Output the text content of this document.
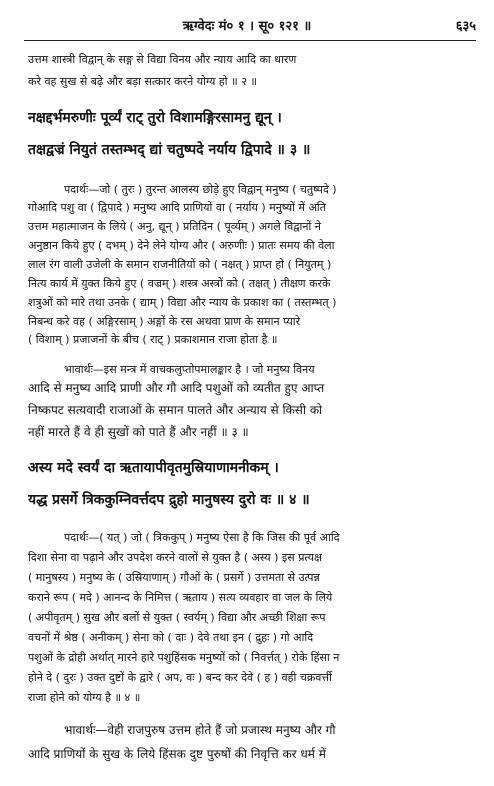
ऋग्वेदः मं० १ । सू० १२१ ॥	६३५
उत्तम शास्त्री विद्वान् के सङ्ग से विद्या विनय और न्याय आदि का धारण
करे वह सुख से बढ़े और बड़ा सत्कार करने योग्य हो ॥ २ ॥
नक्षद्दर्भमरुणीः पूर्व्यं राट् तुरो विशामङ्गिरसामनु द्यून् ।
तक्षद्वज्रं नियुतं तस्तम्भद् द्यां चतुष्पदे नर्याय द्विपादे ॥ ३ ॥
पदार्थः—जो ( तुरः ) तुरन्त आलस्य छोड़े हुए विद्वान् मनुष्य ( चतुष्पदे )
गोआदि पशु वा ( द्विपादे ) मनुष्य आदि प्राणियों वा ( नर्याय ) मनुष्यों में अति
उत्तम महात्माजन के लिये ( अनु, द्यून् ) प्रतिदिन ( पूर्व्यम् ) अगले विद्वानों ने
अनुष्ठान किये हुए ( दभम् ) देने लेने योग्य और ( अरुणीः ) प्रातः समय की वेला
लाल रंग वाली उजेली के समान राजनीतियों को ( नक्षत् ) प्राप्त हो ( नियुतम् )
नित्य कार्य में युक्त किये हुए ( वज्रम् ) शस्त्र अस्त्रों को ( तक्षत् ) तीक्षण करके
शत्रुओं को मारे तथा उनके ( द्याम् ) विद्या और न्याय के प्रकाश का ( तस्तम्भत् )
निबन्ध करे वह ( अङ्गिरसाम् ) अङ्गों के रस अथवा प्राण के समान प्यारे
( विशाम् ) प्रजाजनों के बीच ( राट् ) प्रकाशमान राजा होता है ॥
भावार्थः—इस मन्त्र में वाचकलुप्तोपमालङ्कार है । जो मनुष्य विनय
आदि से मनुष्य आदि प्राणी और गौ आदि पशुओं को व्यतीत हुए आप्त
निष्कपट सत्यवादी राजाओं के समान पालते और अन्याय से किसी को
नहीं मारते हैं वे ही सुखों को पाते हैं और नहीं ॥ ३ ॥
अस्य मदे स्वर्यं दा ऋतायापीवृतमुस्रियाणामनीकम् ।
यद्ध प्रसर्गे त्रिककुम्निवर्त्तदप द्रुहो मानुषस्य दुरो वः ॥ ४ ॥
पदार्थः—( यत् ) जो ( त्रिककुप् ) मनुष्य ऐसा है कि जिस की पूर्व आदि
दिशा सेना वा पढ़ाने और उपदेश करने वालों से युक्त है ( अस्य ) इस प्रत्यक्ष
( मानुषस्य ) मनुष्य के ( उस्रियाणाम् ) गौओं के ( प्रसर्गे ) उत्तमता से उत्पन्न
कराने रूप ( मदे ) आनन्द के निमित्त ( ऋताय ) सत्य व्यवहार वा जल के लिये
( अपीवृतम् ) सुख और बलों से युक्त ( स्वर्यम् ) विद्या और अच्छी शिक्षा रूप
वचनों में श्रेष्ठ ( अनीकम् ) सेना को ( दाः ) देवे तथा इन ( द्रुहः ) गो आदि
पशुओं के द्रोही अर्थात् मारने हारे पशुहिंसक मनुष्यों को ( निवर्त्तत् ) रोके हिंसा न
होने दे ( दुरः ) उक्त दुष्टों के द्वारे ( अप, वः ) बन्द कर देवे ( ह ) वही चक्रवर्त्ती
राजा होने को योग्य है ॥ ४ ॥
भावार्थः—वेही राजपुरुष उत्तम होते हैं जो प्रजास्थ मनुष्य और गौ
आदि प्राणियों के सुख के लिये हिंसक दुष्ट पुरुषों की निवृत्ति कर धर्म में
